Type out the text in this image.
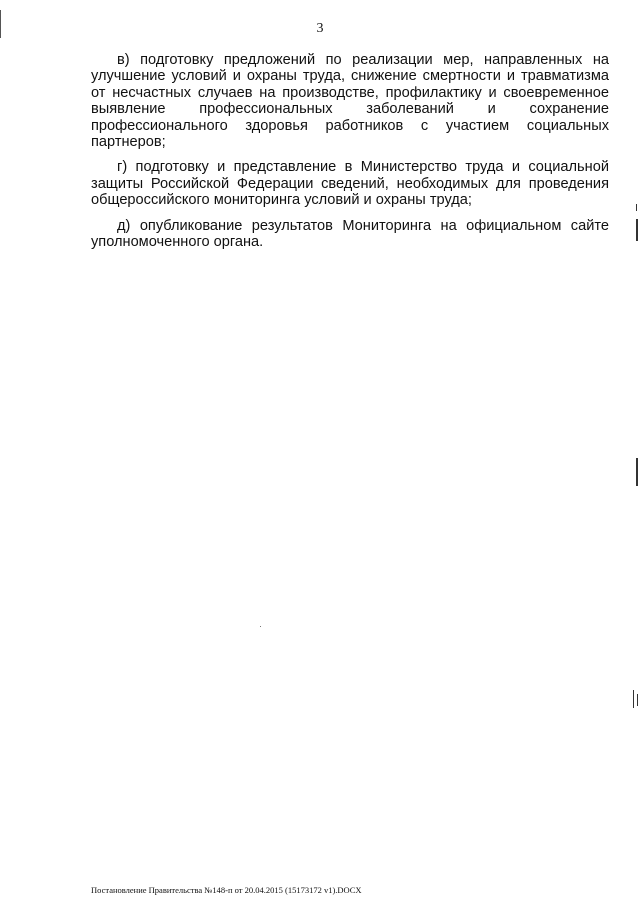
3

в) подготовку предложений по реализации мер, направленных на улучшение условий и охраны труда, снижение смертности и травматизма от несчастных случаев на производстве, профилактику и своевременное выявление профессиональных заболеваний и сохранение профессионального здоровья работников с участием социальных партнеров;

г) подготовку и представление в Министерство труда и социальной защиты Российской Федерации сведений, необходимых для проведения общероссийского мониторинга условий и охраны труда;

д) опубликование результатов Мониторинга на официальном сайте уполномоченного органа.

Постановление Правительства №148-п от 20.04.2015 (15173172 v1).DOCX
